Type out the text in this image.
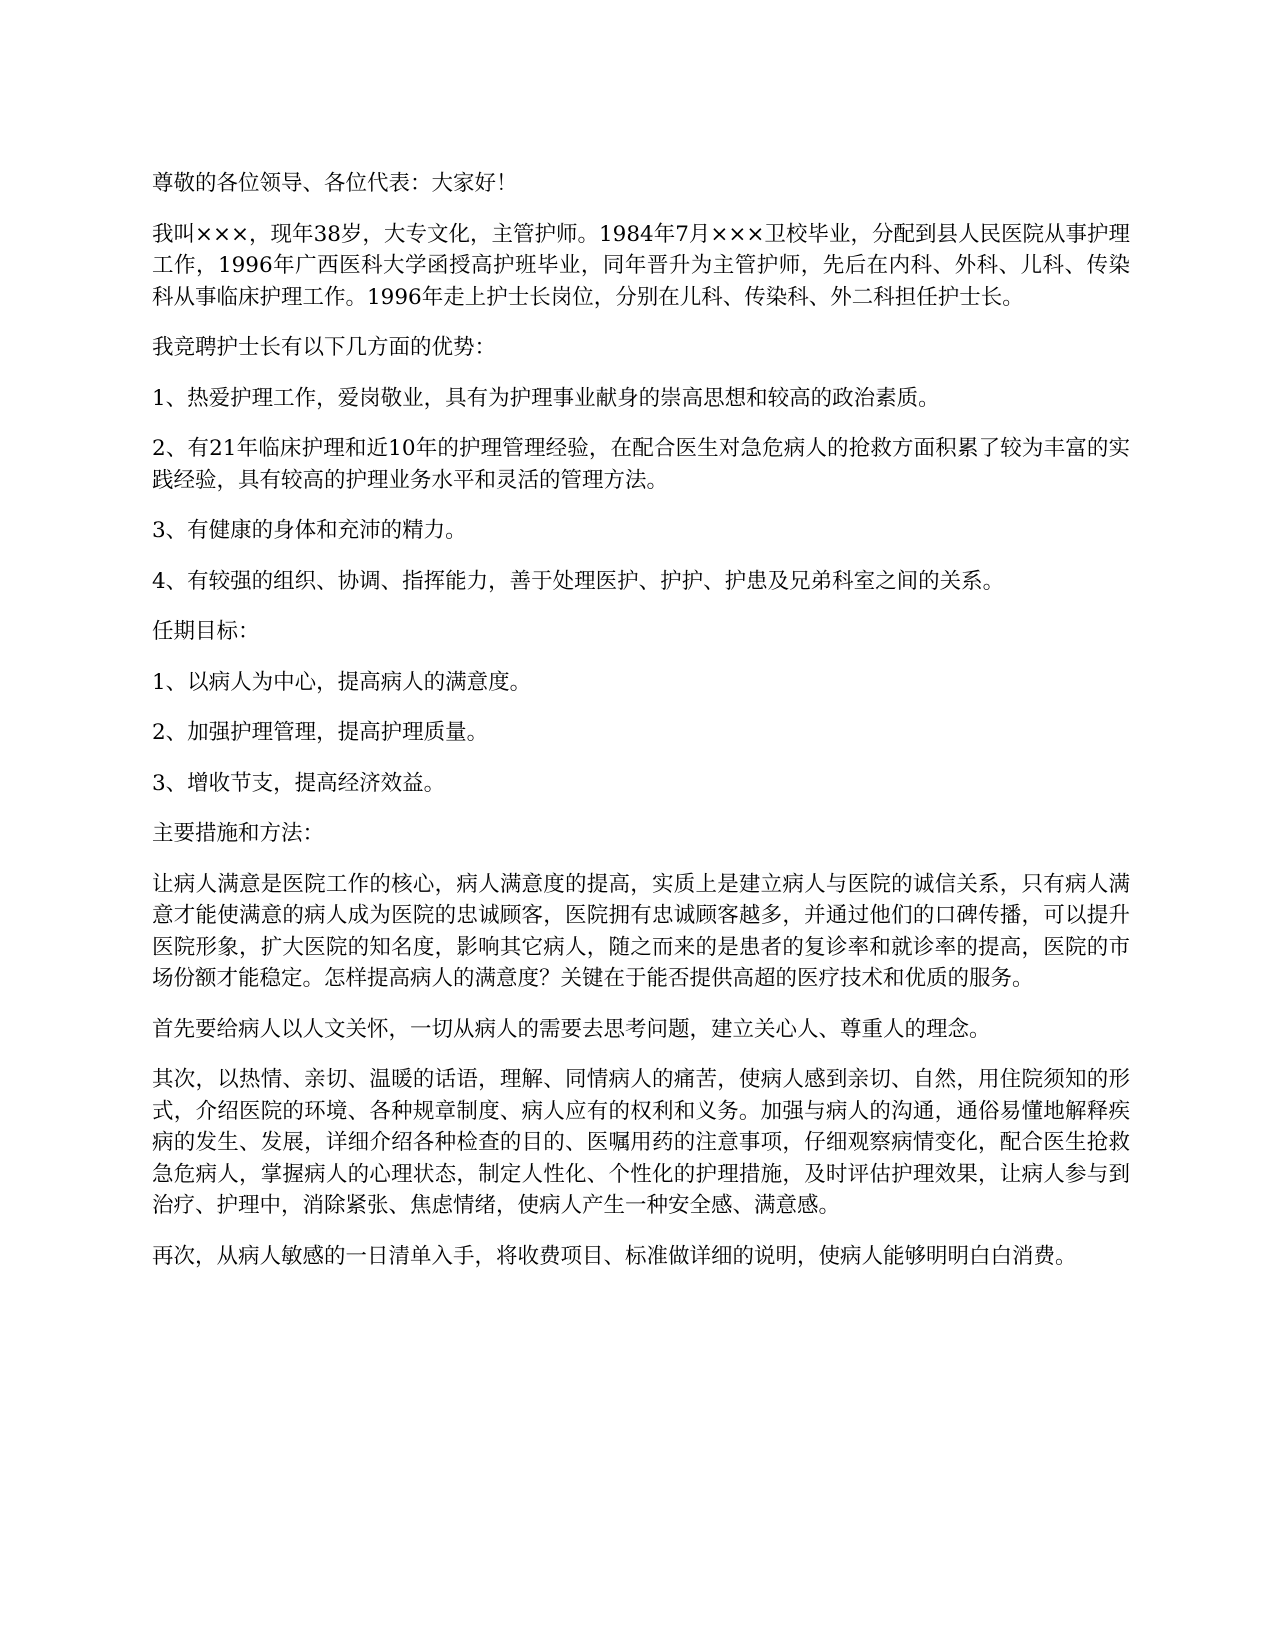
尊敬的各位领导、各位代表：大家好！

我叫×××，现年38岁，大专文化，主管护师。1984年7月×××卫校毕业，分配到县人民医院从事护理工作，1996年广西医科大学函授高护班毕业，同年晋升为主管护师，先后在内科、外科、儿科、传染科从事临床护理工作。1996年走上护士长岗位，分别在儿科、传染科、外二科担任护士长。

我竞聘护士长有以下几方面的优势：

1、热爱护理工作，爱岗敬业，具有为护理事业献身的崇高思想和较高的政治素质。

2、有21年临床护理和近10年的护理管理经验，在配合医生对急危病人的抢救方面积累了较为丰富的实践经验，具有较高的护理业务水平和灵活的管理方法。

3、有健康的身体和充沛的精力。

4、有较强的组织、协调、指挥能力，善于处理医护、护护、护患及兄弟科室之间的关系。

任期目标：

1、以病人为中心，提高病人的满意度。

2、加强护理管理，提高护理质量。

3、增收节支，提高经济效益。

主要措施和方法：

让病人满意是医院工作的核心，病人满意度的提高，实质上是建立病人与医院的诚信关系，只有病人满意才能使满意的病人成为医院的忠诚顾客，医院拥有忠诚顾客越多，并通过他们的口碑传播，可以提升医院形象，扩大医院的知名度，影响其它病人，随之而来的是患者的复诊率和就诊率的提高，医院的市场份额才能稳定。怎样提高病人的满意度？关键在于能否提供高超的医疗技术和优质的服务。

首先要给病人以人文关怀，一切从病人的需要去思考问题，建立关心人、尊重人的理念。

其次，以热情、亲切、温暖的话语，理解、同情病人的痛苦，使病人感到亲切、自然，用住院须知的形式，介绍医院的环境、各种规章制度、病人应有的权利和义务。加强与病人的沟通，通俗易懂地解释疾病的发生、发展，详细介绍各种检查的目的、医嘱用药的注意事项，仔细观察病情变化，配合医生抢救急危病人，掌握病人的心理状态，制定人性化、个性化的护理措施，及时评估护理效果，让病人参与到治疗、护理中，消除紧张、焦虑情绪，使病人产生一种安全感、满意感。

再次，从病人敏感的一日清单入手，将收费项目、标准做详细的说明，使病人能够明明白白消费。
